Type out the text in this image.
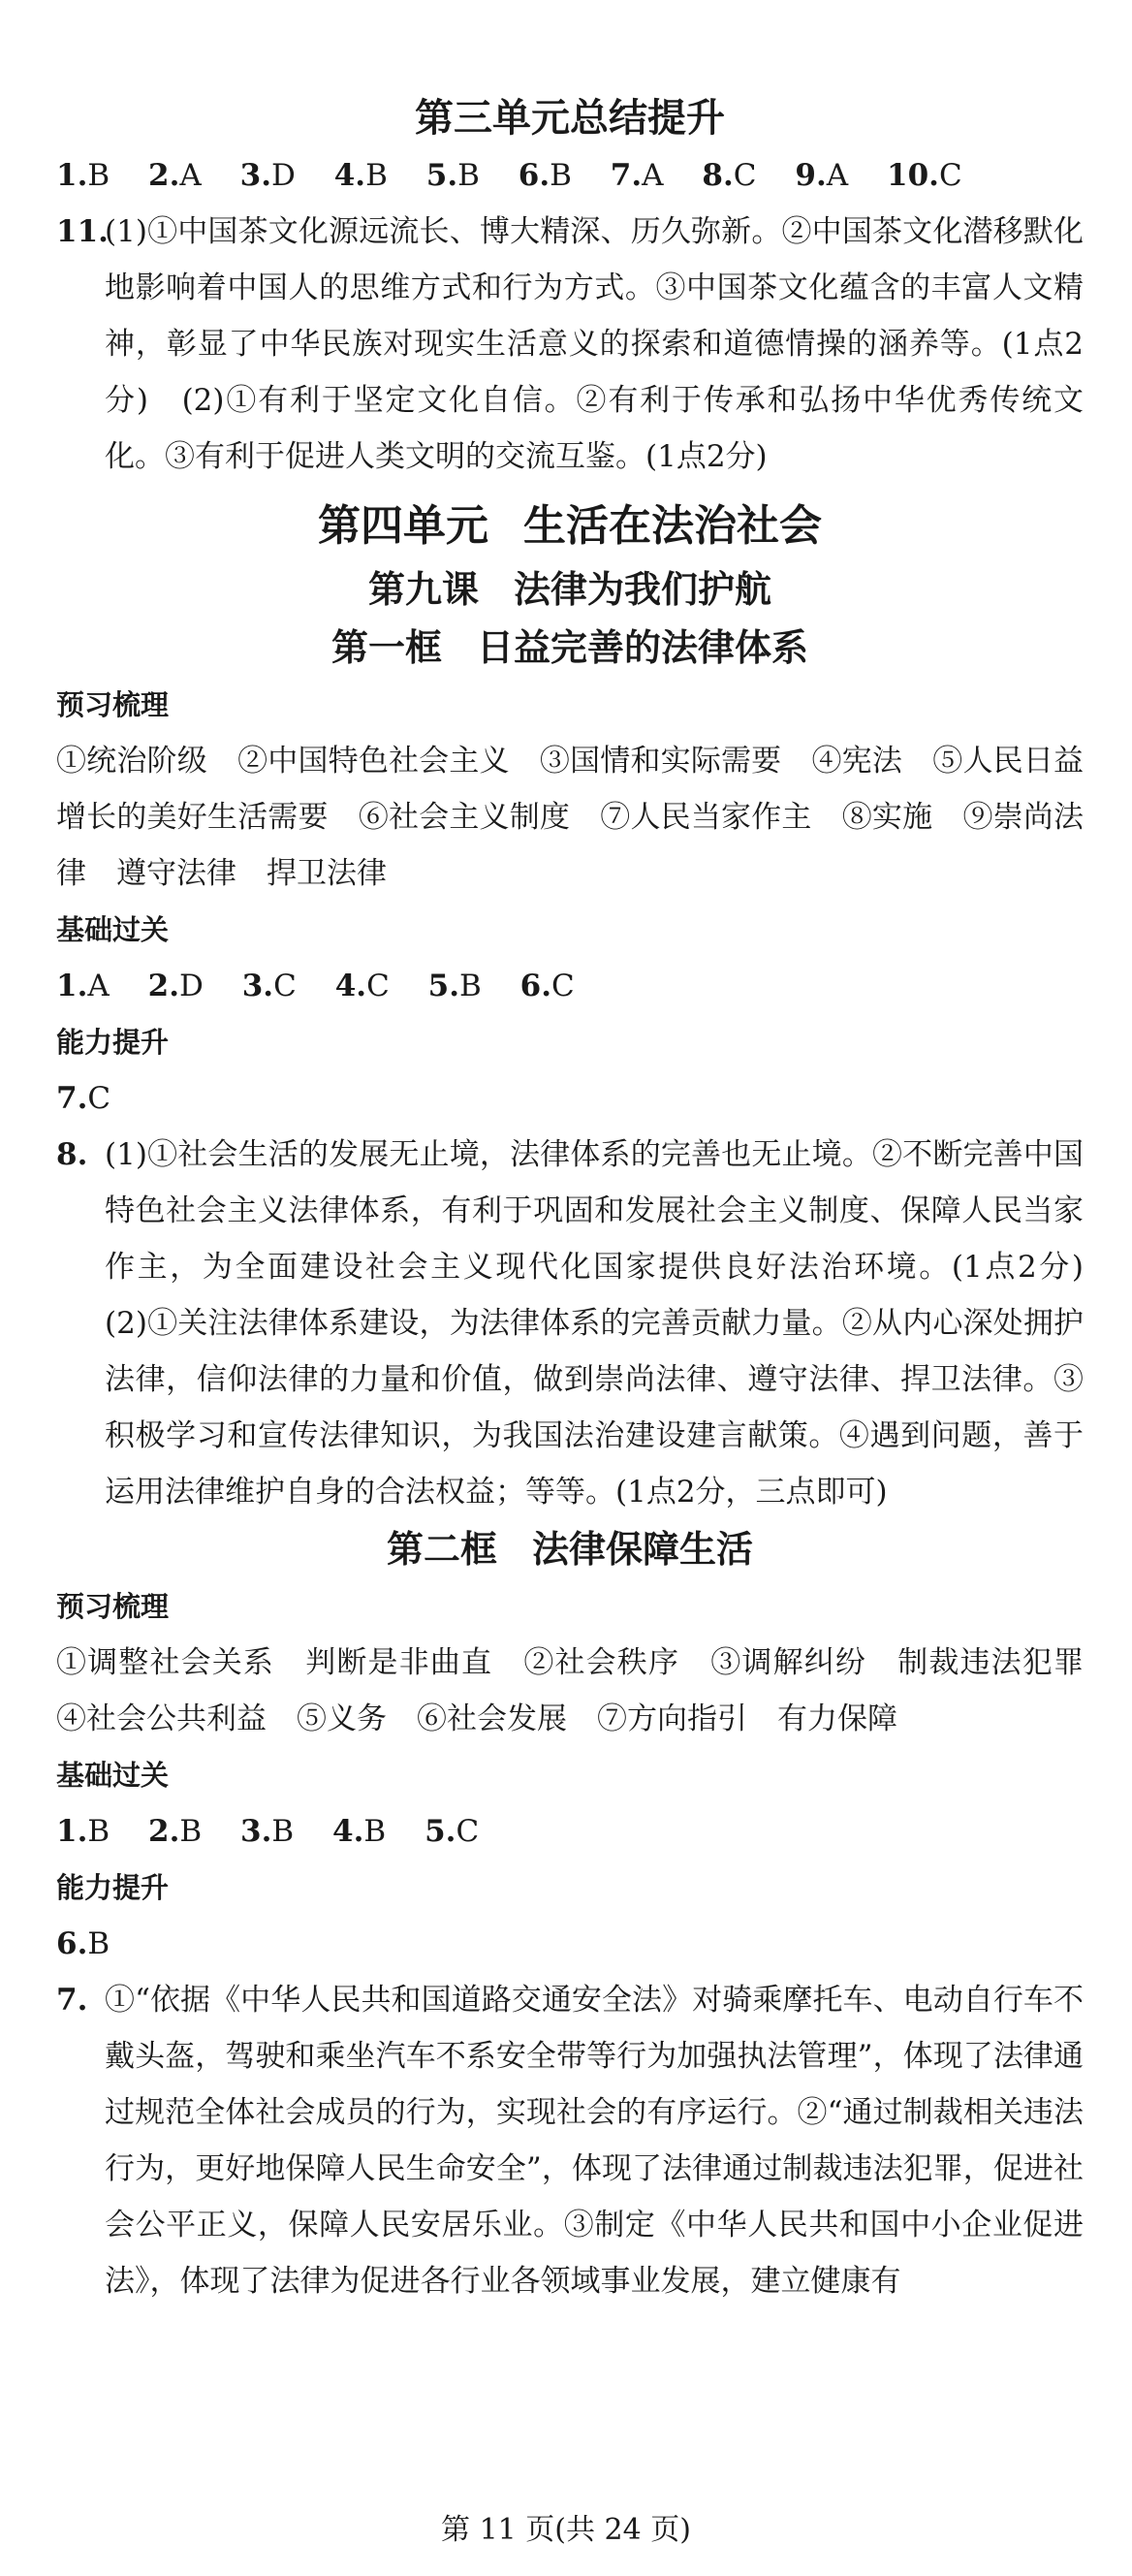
第三单元总结提升
1.B 2.A 3.D 4.B 5.B 6.B 7.A 8.C 9.A 10.C
11.
(1)①中国茶文化源远流长、博大精深、历久弥新。②中国茶文化潜移默化地影响着中国人的思维方式和行为方式。③中国茶文化蕴含的丰富人文精神，彰显了中华民族对现实生活意义的探索和道德情操的涵养等。(1点2分)　(2)①有利于坚定文化自信。②有利于传承和弘扬中华优秀传统文化。③有利于促进人类文明的交流互鉴。(1点2分)
第四单元 生活在法治社会
第九课 法律为我们护航
第一框 日益完善的法律体系
预习梳理
①统治阶级　②中国特色社会主义　③国情和实际需要　④宪法　⑤人民日益增长的美好生活需要　⑥社会主义制度　⑦人民当家作主　⑧实施　⑨崇尚法律　遵守法律　捍卫法律
基础过关
1.A 2.D 3.C 4.C 5.B 6.C
能力提升
7.C
8. (1)①社会生活的发展无止境，法律体系的完善也无止境。②不断完善中国特色社会主义法律体系，有利于巩固和发展社会主义制度、保障人民当家作主，为全面建设社会主义现代化国家提供良好法治环境。(1点2分)　(2)①关注法律体系建设，为法律体系的完善贡献力量。②从内心深处拥护法律，信仰法律的力量和价值，做到崇尚法律、遵守法律、捍卫法律。③积极学习和宣传法律知识，为我国法治建设建言献策。④遇到问题，善于运用法律维护自身的合法权益；等等。(1点2分，三点即可)
第二框 法律保障生活
预习梳理
①调整社会关系　判断是非曲直　②社会秩序　③调解纠纷　制裁违法犯罪　④社会公共利益　⑤义务　⑥社会发展　⑦方向指引　有力保障
基础过关
1.B 2.B 3.B 4.B 5.C
能力提升
6.B
7. ①“依据《中华人民共和国道路交通安全法》对骑乘摩托车、电动自行车不戴头盔，驾驶和乘坐汽车不系安全带等行为加强执法管理”，体现了法律通过规范全体社会成员的行为，实现社会的有序运行。②“通过制裁相关违法行为，更好地保障人民生命安全”，体现了法律通过制裁违法犯罪，促进社会公平正义，保障人民安居乐业。③制定《中华人民共和国中小企业促进法》，体现了法律为促进各行业各领域事业发展，建立健康有
第 11 页(共 24 页)
